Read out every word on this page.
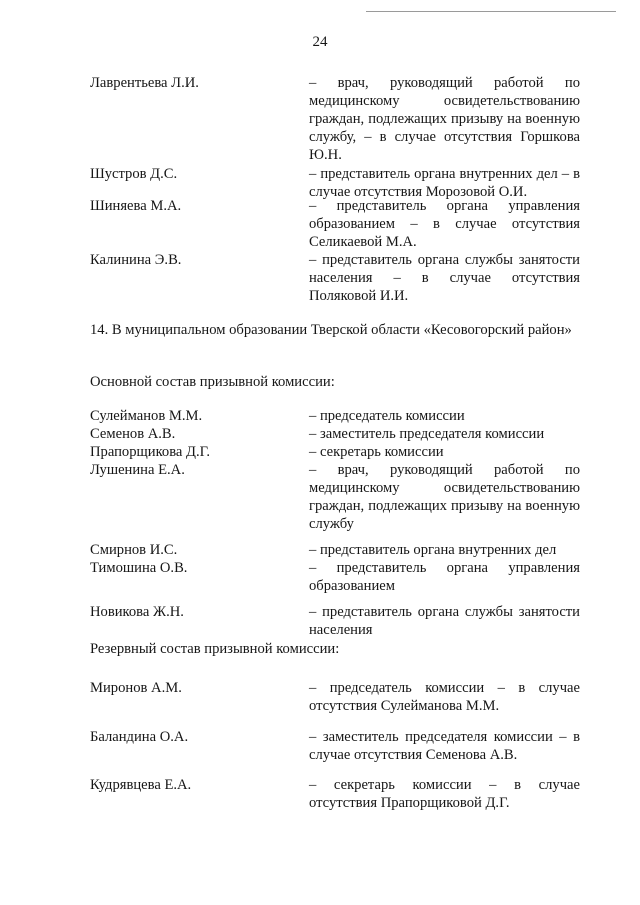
24
Лаврентьева Л.И.	– врач, руководящий работой по медицинскому освидетельствованию граждан, подлежащих призыву на военную службу, – в случае отсутствия Горшкова Ю.Н.
Шустров Д.С.	– представитель органа внутренних дел – в случае отсутствия Морозовой О.И.
Шиняева М.А.	– представитель органа управления образованием – в случае отсутствия Селикаевой М.А.
Калинина Э.В.	– представитель органа службы занятости населения – в случае отсутствия Поляковой И.И.
14. В муниципальном образовании Тверской области «Кесовогорский район»
Основной состав призывной комиссии:
Сулейманов М.М.	– председатель комиссии
Семенов А.В.	– заместитель председателя комиссии
Прапорщикова Д.Г.	– секретарь комиссии
Лушенина Е.А.	– врач, руководящий работой по медицинскому освидетельствованию граждан, подлежащих призыву на военную службу
Смирнов И.С.	– представитель органа внутренних дел
Тимошина О.В.	– представитель органа управления образованием
Новикова Ж.Н.	– представитель органа службы занятости населения
Резервный состав призывной комиссии:
Миронов А.М.	– председатель комиссии – в случае отсутствия Сулейманова М.М.
Баландина О.А.	– заместитель председателя комиссии – в случае отсутствия Семенова А.В.
Кудрявцева Е.А.	– секретарь комиссии – в случае отсутствия Прапорщиковой Д.Г.
